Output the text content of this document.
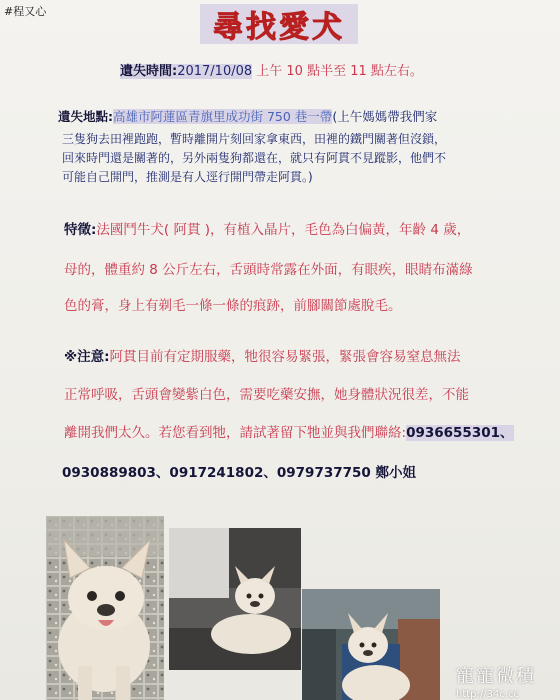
#程又心	尋找愛犬
遺失時間:2017/10/08 上午 10 點半至 11 點左右。
遺失地點:高雄市阿蓮區青旗里成功街 750 巷一帶(上午媽媽帶我們家
三隻狗去田裡跑跑，暫時離開片刻回家拿東西，田裡的鐵門關著但沒鎖，
回來時門還是關著的，另外兩隻狗都還在，就只有阿貫不見蹤影，他們不
可能自己開門，推測是有人逕行開門帶走阿貫。)
特徵:法國鬥牛犬( 阿貫 )，有植入晶片，毛色為白偏黃，年齡 4 歲，
母的，體重約 8 公斤左右，舌頭時常露在外面，有眼疾，眼睛布滿綠
色的膏，身上有剃毛一條一條的痕跡，前腳關節處脫毛。
※注意:阿貫目前有定期服藥，牠很容易緊張，緊張會容易窒息無法
正常呼吸，舌頭會變紫白色，需要吃藥安撫，她身體狀況很差，不能
離開我們太久。若您看到牠，請試著留下牠並與我們聯絡:0936655301、
0930889803、0917241802、0979737750 鄭小姐
寵寵微積
http://34c.cc
